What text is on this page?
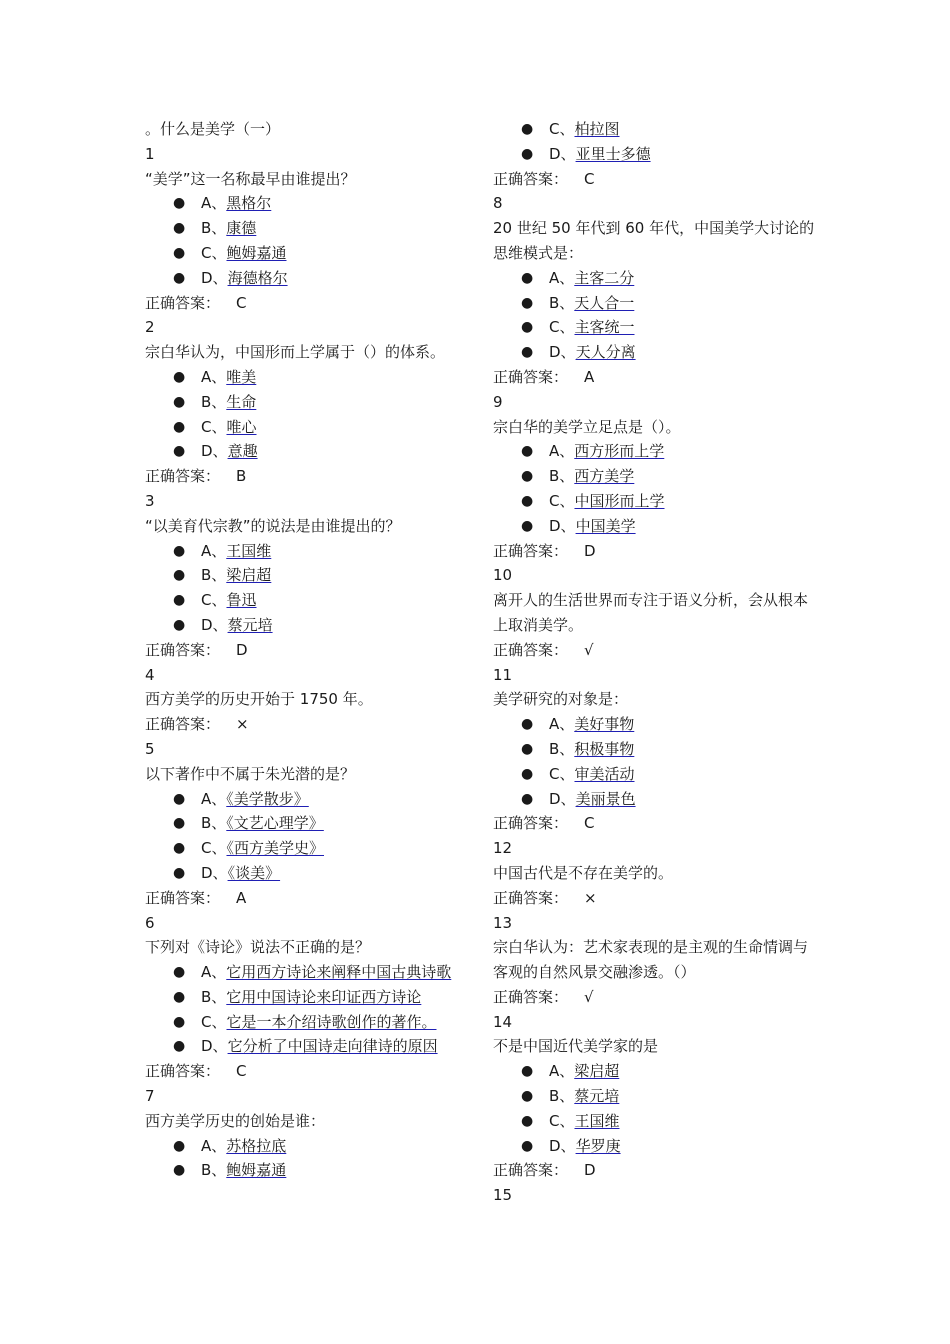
。什么是美学（一）
1
“美学”这一名称最早由谁提出？
● A、黑格尔
● B、康德
● C、鲍姆嘉通
● D、海德格尔
正确答案： C
2
宗白华认为，中国形而上学属于（）的体系。
● A、唯美
● B、生命
● C、唯心
● D、意趣
正确答案： B
3
“以美育代宗教”的说法是由谁提出的？
● A、王国维
● B、梁启超
● C、鲁迅
● D、蔡元培
正确答案： D
4
西方美学的历史开始于 1750 年。
正确答案： ×
5
以下著作中不属于朱光潜的是？
● A、《美学散步》
● B、《文艺心理学》
● C、《西方美学史》
● D、《谈美》
正确答案： A
6
下列对《诗论》说法不正确的是？
● A、它用西方诗论来阐释中国古典诗歌
● B、它用中国诗论来印证西方诗论
● C、它是一本介绍诗歌创作的著作。
● D、它分析了中国诗走向律诗的原因
正确答案： C
7
西方美学历史的创始是谁：
● A、苏格拉底
● B、鲍姆嘉通
● C、柏拉图
● D、亚里士多德
正确答案： C
8
20 世纪 50 年代到 60 年代，中国美学大讨论的思维模式是：
● A、主客二分
● B、天人合一
● C、主客统一
● D、天人分离
正确答案： A
9
宗白华的美学立足点是（）。
● A、西方形而上学
● B、西方美学
● C、中国形而上学
● D、中国美学
正确答案： D
10
离开人的生活世界而专注于语义分析，会从根本上取消美学。
正确答案： √
11
美学研究的对象是：
● A、美好事物
● B、积极事物
● C、审美活动
● D、美丽景色
正确答案： C
12
中国古代是不存在美学的。
正确答案： ×
13
宗白华认为：艺术家表现的是主观的生命情调与客观的自然风景交融渗透。（）
正确答案： √
14
不是中国近代美学家的是
● A、梁启超
● B、蔡元培
● C、王国维
● D、华罗庚
正确答案： D
15
